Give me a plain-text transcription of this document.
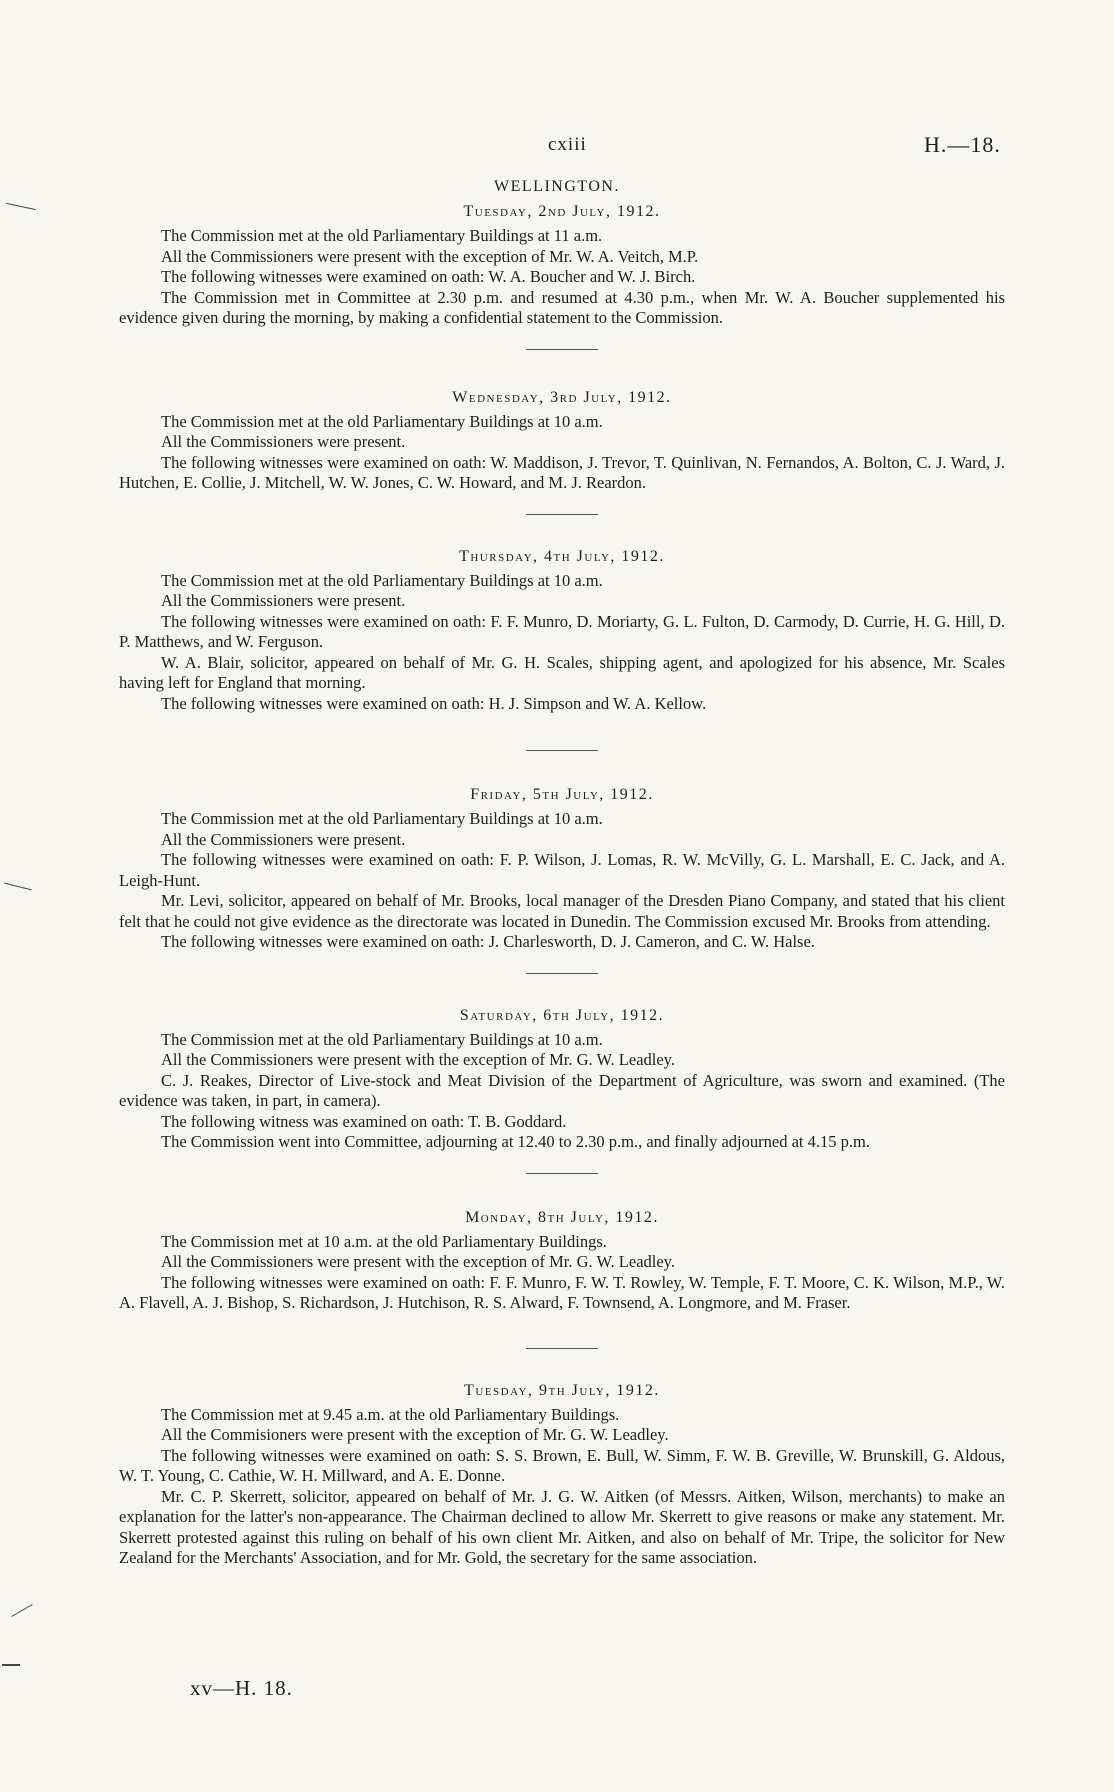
cxiii	H.—18.
WELLINGTON.
Tuesday, 2nd July, 1912.

The Commission met at the old Parliamentary Buildings at 11 a.m.

All the Commissioners were present with the exception of Mr. W. A. Veitch, M.P.

The following witnesses were examined on oath: W. A. Boucher and W. J. Birch.

The Commission met in Committee at 2.30 p.m. and resumed at 4.30 p.m., when Mr. W. A. Boucher supplemented his evidence given during the morning, by making a confidential statement to the Commission.

Wednesday, 3rd July, 1912.

The Commission met at the old Parliamentary Buildings at 10 a.m.

All the Commissioners were present.

The following witnesses were examined on oath: W. Maddison, J. Trevor, T. Quinlivan, N. Fernandos, A. Bolton, C. J. Ward, J. Hutchen, E. Collie, J. Mitchell, W. W. Jones, C. W. Howard, and M. J. Reardon.

Thursday, 4th July, 1912.

The Commission met at the old Parliamentary Buildings at 10 a.m.

All the Commissioners were present.

The following witnesses were examined on oath: F. F. Munro, D. Moriarty, G. L. Fulton, D. Carmody, D. Currie, H. G. Hill, D. P. Matthews, and W. Ferguson.

W. A. Blair, solicitor, appeared on behalf of Mr. G. H. Scales, shipping agent, and apologized for his absence, Mr. Scales having left for England that morning.

The following witnesses were examined on oath: H. J. Simpson and W. A. Kellow.

Friday, 5th July, 1912.

The Commission met at the old Parliamentary Buildings at 10 a.m.

All the Commissioners were present.

The following witnesses were examined on oath: F. P. Wilson, J. Lomas, R. W. McVilly, G. L. Marshall, E. C. Jack, and A. Leigh-Hunt.

Mr. Levi, solicitor, appeared on behalf of Mr. Brooks, local manager of the Dresden Piano Company, and stated that his client felt that he could not give evidence as the directorate was located in Dunedin. The Commission excused Mr. Brooks from attending.

The following witnesses were examined on oath: J. Charlesworth, D. J. Cameron, and C. W. Halse.

Saturday, 6th July, 1912.

The Commission met at the old Parliamentary Buildings at 10 a.m.

All the Commissioners were present with the exception of Mr. G. W. Leadley.

C. J. Reakes, Director of Live-stock and Meat Division of the Department of Agriculture, was sworn and examined. (The evidence was taken, in part, in camera).

The following witness was examined on oath: T. B. Goddard.

The Commission went into Committee, adjourning at 12.40 to 2.30 p.m., and finally adjourned at 4.15 p.m.

Monday, 8th July, 1912.

The Commission met at 10 a.m. at the old Parliamentary Buildings.

All the Commissioners were present with the exception of Mr. G. W. Leadley.

The following witnesses were examined on oath: F. F. Munro, F. W. T. Rowley, W. Temple, F. T. Moore, C. K. Wilson, M.P., W. A. Flavell, A. J. Bishop, S. Richardson, J. Hutchison, R. S. Alward, F. Townsend, A. Longmore, and M. Fraser.

Tuesday, 9th July, 1912.

The Commission met at 9.45 a.m. at the old Parliamentary Buildings.

All the Commisioners were present with the exception of Mr. G. W. Leadley.

The following witnesses were examined on oath: S. S. Brown, E. Bull, W. Simm, F. W. B. Greville, W. Brunskill, G. Aldous, W. T. Young, C. Cathie, W. H. Millward, and A. E. Donne.

Mr. C. P. Skerrett, solicitor, appeared on behalf of Mr. J. G. W. Aitken (of Messrs. Aitken, Wilson, merchants) to make an explanation for the latter's non-appearance. The Chairman declined to allow Mr. Skerrett to give reasons or make any statement. Mr. Skerrett protested against this ruling on behalf of his own client Mr. Aitken, and also on behalf of Mr. Tripe, the solicitor for New Zealand for the Merchants' Association, and for Mr. Gold, the secretary for the same association.

xv—H. 18.
